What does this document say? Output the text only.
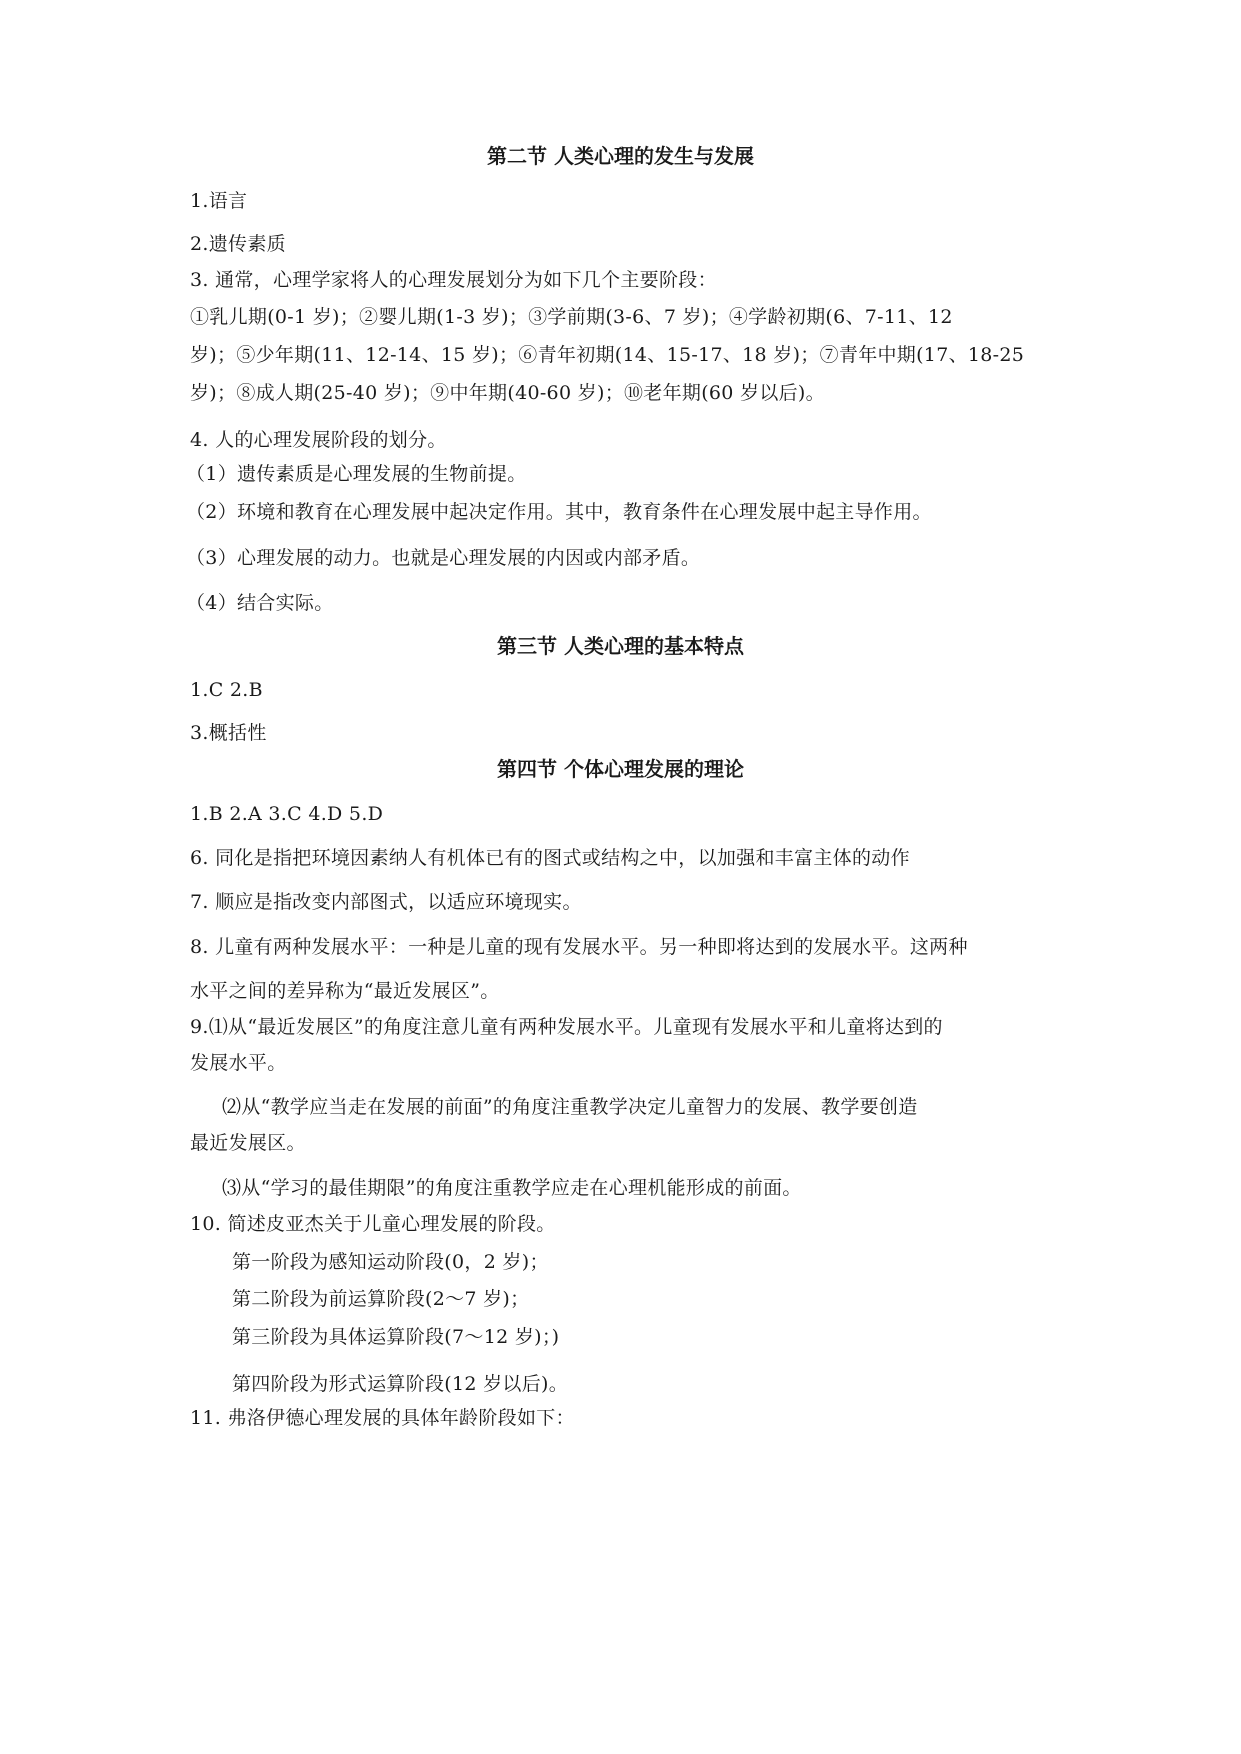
第二节 人类心理的发生与发展
1.语言
2.遗传素质
3. 通常，心理学家将人的心理发展划分为如下几个主要阶段：
①乳儿期(0-1 岁)；②婴儿期(1-3 岁)；③学前期(3-6、7 岁)；④学龄初期(6、7-11、12
岁)；⑤少年期(11、12-14、15 岁)；⑥青年初期(14、15-17、18 岁)；⑦青年中期(17、18-25
岁)；⑧成人期(25-40 岁)；⑨中年期(40-60 岁)；⑩老年期(60 岁以后)。
4. 人的心理发展阶段的划分。
（1）遗传素质是心理发展的生物前提。
（2）环境和教育在心理发展中起决定作用。其中，教育条件在心理发展中起主导作用。
（3）心理发展的动力。也就是心理发展的内因或内部矛盾。
（4）结合实际。
第三节 人类心理的基本特点
1.C 2.B
3.概括性
第四节 个体心理发展的理论
1.B 2.A 3.C 4.D 5.D
6. 同化是指把环境因素纳人有机体已有的图式或结构之中，以加强和丰富主体的动作
7. 顺应是指改变内部图式，以适应环境现实。
8. 儿童有两种发展水平：一种是儿童的现有发展水平。另一种即将达到的发展水平。这两种
水平之间的差异称为“最近发展区”。
9.⑴从“最近发展区”的角度注意儿童有两种发展水平。儿童现有发展水平和儿童将达到的
发展水平。
⑵从“教学应当走在发展的前面”的角度注重教学决定儿童智力的发展、教学要创造
最近发展区。
⑶从“学习的最佳期限”的角度注重教学应走在心理机能形成的前面。
10. 简述皮亚杰关于儿童心理发展的阶段。
第一阶段为感知运动阶段(0，2 岁)；
第二阶段为前运算阶段(2～7 岁)；
第三阶段为具体运算阶段(7～12 岁)；)
第四阶段为形式运算阶段(12 岁以后)。
11. 弗洛伊德心理发展的具体年龄阶段如下：
